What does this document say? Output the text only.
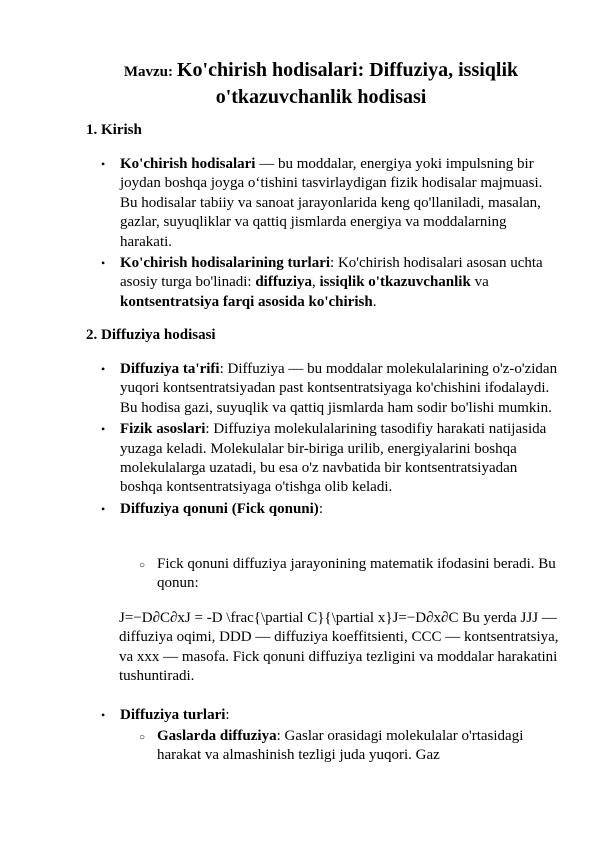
Mavzu: Ko'chirish hodisalari: Diffuziya, issiqlik o'tkazuvchanlik hodisasi
1. Kirish
• Ko'chirish hodisalari — bu moddalar, energiya yoki impulsning bir joydan boshqa joyga o‘tishini tasvirlaydigan fizik hodisalar majmuasi. Bu hodisalar tabiiy va sanoat jarayonlarida keng qo'llaniladi, masalan, gazlar, suyuqliklar va qattiq jismlarda energiya va moddalarning harakati.
• Ko'chirish hodisalarining turlari: Ko'chirish hodisalari asosan uchta asosiy turga bo'linadi: diffuziya, issiqlik o'tkazuvchanlik va kontsentratsiya farqi asosida ko'chirish.
2. Diffuziya hodisasi
• Diffuziya ta'rifi: Diffuziya — bu moddalar molekulalarining o'z-o'zidan yuqori kontsentratsiyadan past kontsentratsiyaga ko'chishini ifodalaydi. Bu hodisa gazi, suyuqlik va qattiq jismlarda ham sodir bo'lishi mumkin.
• Fizik asoslari: Diffuziya molekulalarining tasodifiy harakati natijasida yuzaga keladi. Molekulalar bir-biriga urilib, energiyalarini boshqa molekulalarga uzatadi, bu esa o'z navbatida bir kontsentratsiyadan boshqa kontsentratsiyaga o'tishga olib keladi.
• Diffuziya qonuni (Fick qonuni):
○ Fick qonuni diffuziya jarayonining matematik ifodasini beradi. Bu qonun:

J=−D∂C∂xJ = -D \frac{\partial C}{\partial x}J=−D∂x∂C Bu yerda JJJ — diffuziya oqimi, DDD — diffuziya koeffitsienti, CCC — kontsentratsiya, va xxx — masofa. Fick qonuni diffuziya tezligini va moddalar harakatini tushuntiradi.

• Diffuziya turlari:
○ Gaslarda diffuziya: Gaslar orasidagi molekulalar o'rtasidagi harakat va almashinish tezligi juda yuqori. Gaz
